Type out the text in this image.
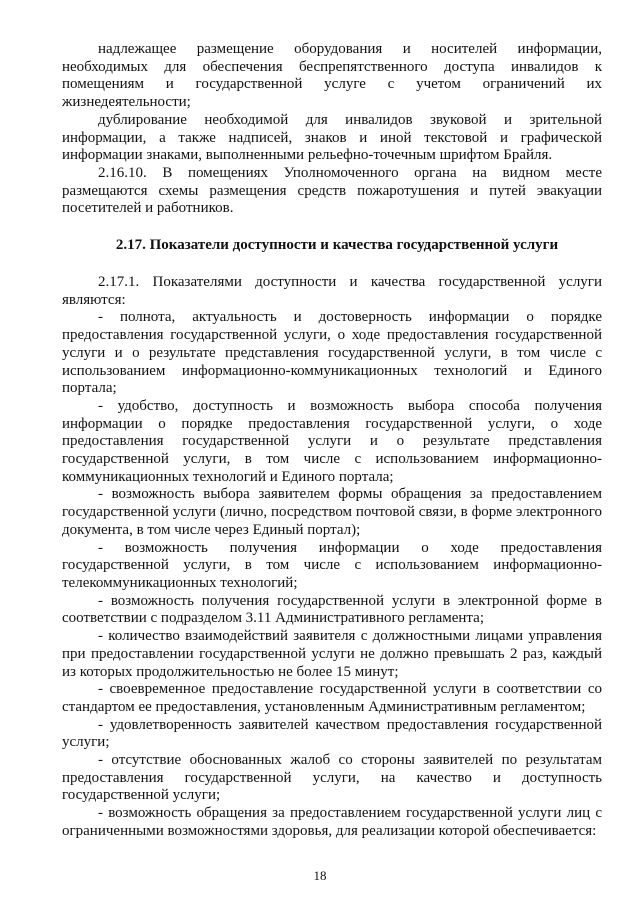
надлежащее размещение оборудования и носителей информации, необходимых для обеспечения беспрепятственного доступа инвалидов к помещениям и государственной услуге с учетом ограничений их жизнедеятельности;

дублирование необходимой для инвалидов звуковой и зрительной информации, а также надписей, знаков и иной текстовой и графической информации знаками, выполненными рельефно-точечным шрифтом Брайля.

2.16.10. В помещениях Уполномоченного органа на видном месте размещаются схемы размещения средств пожаротушения и путей эвакуации посетителей и работников.

2.17. Показатели доступности и качества государственной услуги

2.17.1. Показателями доступности и качества государственной услуги являются:

- полнота, актуальность и достоверность информации о порядке предоставления государственной услуги, о ходе предоставления государственной услуги и о результате представления государственной услуги, в том числе с использованием информационно-коммуникационных технологий и Единого портала;

- удобство, доступность и возможность выбора способа получения информации о порядке предоставления государственной услуги, о ходе предоставления государственной услуги и о результате представления государственной услуги, в том числе с использованием информационно-коммуникационных технологий и Единого портала;

- возможность выбора заявителем формы обращения за предоставлением государственной услуги (лично, посредством почтовой связи, в форме электронного документа, в том числе через Единый портал);

- возможность получения информации о ходе предоставления государственной услуги, в том числе с использованием информационно-телекоммуникационных технологий;

- возможность получения государственной услуги в электронной форме в соответствии с подразделом 3.11 Административного регламента;

- количество взаимодействий заявителя с должностными лицами управления при предоставлении государственной услуги не должно превышать 2 раз, каждый из которых продолжительностью не более 15 минут;

- своевременное предоставление государственной услуги в соответствии со стандартом ее предоставления, установленным Административным регламентом;

- удовлетворенность заявителей качеством предоставления государственной услуги;

- отсутствие обоснованных жалоб со стороны заявителей по результатам предоставления государственной услуги, на качество и доступность государственной услуги;

- возможность обращения за предоставлением государственной услуги лиц с ограниченными возможностями здоровья, для реализации которой обеспечивается:

18
